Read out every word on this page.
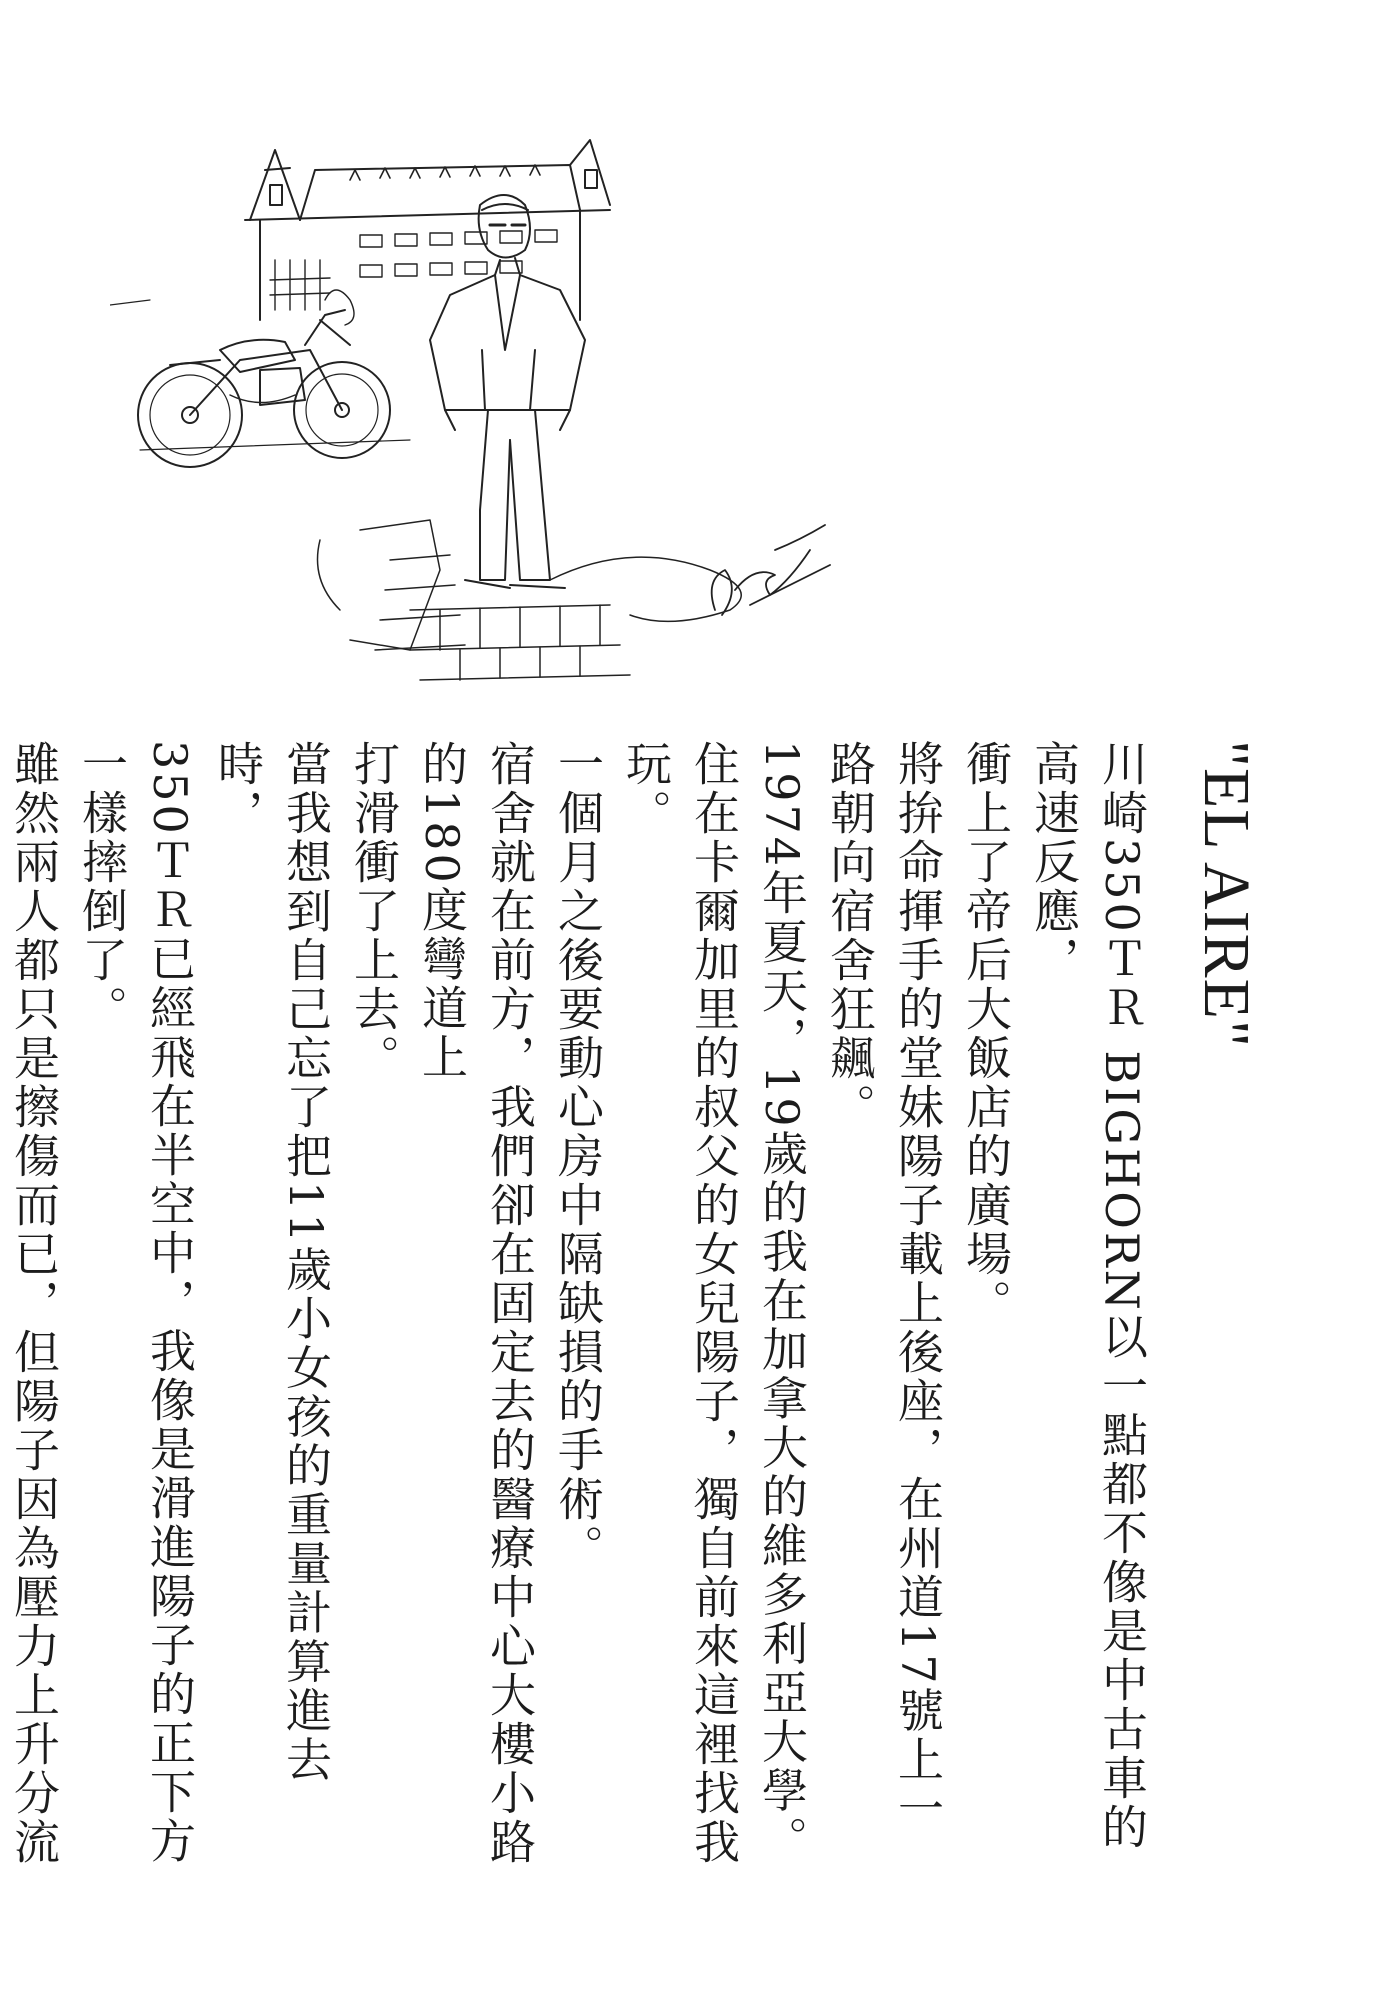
"EL AIRE"

川崎350ＴＲ BIGHORN以一點都不像是中古車的高速反應，

衝上了帝后大飯店的廣場。

將拚命揮手的堂妹陽子載上後座，在州道17號上一路朝向宿舍狂飆。

1974年夏天，19歲的我在加拿大的維多利亞大學。

住在卡爾加里的叔父的女兒陽子，獨自前來這裡找我玩。

一個月之後要動心房中隔缺損的手術。

宿舍就在前方，我們卻在固定去的醫療中心大樓小路的180度彎道上

打滑衝了上去。

當我想到自己忘了把11歲小女孩的重量計算進去時，

350ＴＲ已經飛在半空中，我像是滑進陽子的正下方一樣摔倒了。

雖然兩人都只是擦傷而已，但陽子因為壓力上升分流
